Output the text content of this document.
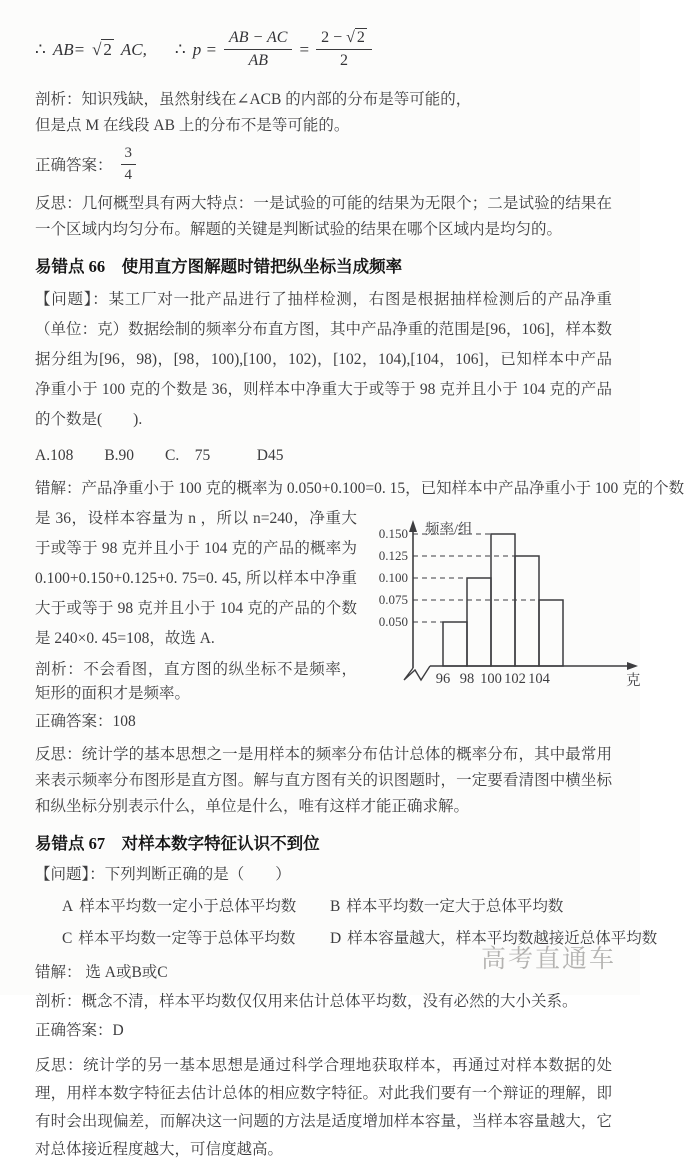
∴ AB= √ 2 AC, ∴ $p = \frac{AB - AC}{AB} = \frac{2 - √ 2}{2}$

剖析：知识残缺，虽然射线在∠ACB 的内部的分布是等可能的，

但是点 M 在线段 AB 上的分布不是等可能的。

正确答案： $\frac{3}{4}$

反思：几何概型具有两大特点：一是试验的可能的结果为无限个；二是试验的结果在一个区域内均匀分布。解题的关键是判断试验的结果在哪个区域内是均匀的。

易错点 66　使用直方图解题时错把纵坐标当成频率

【问题】：某工厂对一批产品进行了抽样检测，右图是根据抽样检测后的产品净重（单位：克）数据绘制的频率分布直方图，其中产品净重的范围是[96，106]，样本数据分组为[96，98)，[98，100),[100，102)，[102，104),[104，106]，已知样本中产品净重小于 100 克的个数是 36，则样本中净重大于或等于 98 克并且小于 104 克的产品的个数是(　　).

A.108　　B.90　　C.　75　　　D45

错解：产品净重小于 100 克的概率为 0.050+0.100=0. 15，已知样本中产品净重小于 100 克的个数

是 36，设样本容量为 n ，所以 n=240，净重大于或等于 98 克并且小于 104 克的产品的概率为 0.100+0.150+0.125+0. 75=0. 45, 所以样本中净重大于或等于 98 克并且小于 104 克的产品的个数是 240×0. 45=108，故选 A.

剖析：不会看图，直方图的纵坐标不是频率，矩形的面积才是频率。

正确答案：108

频率/组
克
0.150
0.125
0.100
0.075
0.050
96 98 100 102 104

反思：统计学的基本思想之一是用样本的频率分布估计总体的概率分布，其中最常用来表示频率分布图形是直方图。解与直方图有关的识图题时，一定要看清图中横坐标和纵坐标分别表示什么，单位是什么，唯有这样才能正确求解。

易错点 67　对样本数字特征认识不到位

【问题】：下列判断正确的是（　　）

A 样本平均数一定小于总体平均数	B 样本平均数一定大于总体平均数
C 样本平均数一定等于总体平均数	D 样本容量越大，样本平均数越接近总体平均数

错解： 选 A或B或C

剖析：概念不清，样本平均数仅仅用来估计总体平均数，没有必然的大小关系。

正确答案：D

反思：统计学的另一基本思想是通过科学合理地获取样本，再通过对样本数据的处理，用样本数字特征去估计总体的相应数字特征。对此我们要有一个辩证的理解，即有时会出现偏差，而解决这一问题的方法是适度增加样本容量，当样本容量越大，它对总体接近程度越大，可信度越高。

高考直通车
